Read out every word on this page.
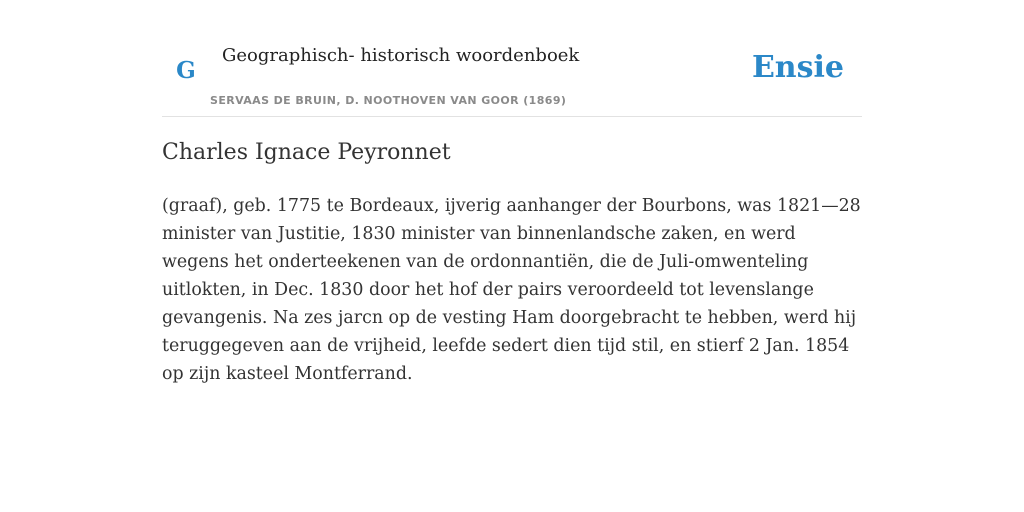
G
Geographisch- historisch woordenboek
SERVAAS DE BRUIN, D. NOOTHOVEN VAN GOOR (1869)
Ensie
Charles Ignace Peyronnet

(graaf), geb. 1775 te Bordeaux, ijverig aanhanger der Bourbons, was 1821—28 minister van Justitie, 1830 minister van binnenlandsche zaken, en werd wegens het onderteekenen van de ordonnantiën, die de Juli-omwenteling uitlokten, in Dec. 1830 door het hof der pairs veroordeeld tot levenslange gevangenis. Na zes jarcn op de vesting Ham doorgebracht te hebben, werd hij teruggegeven aan de vrijheid, leefde sedert dien tijd stil, en stierf 2 Jan. 1854 op zijn kasteel Montferrand.
